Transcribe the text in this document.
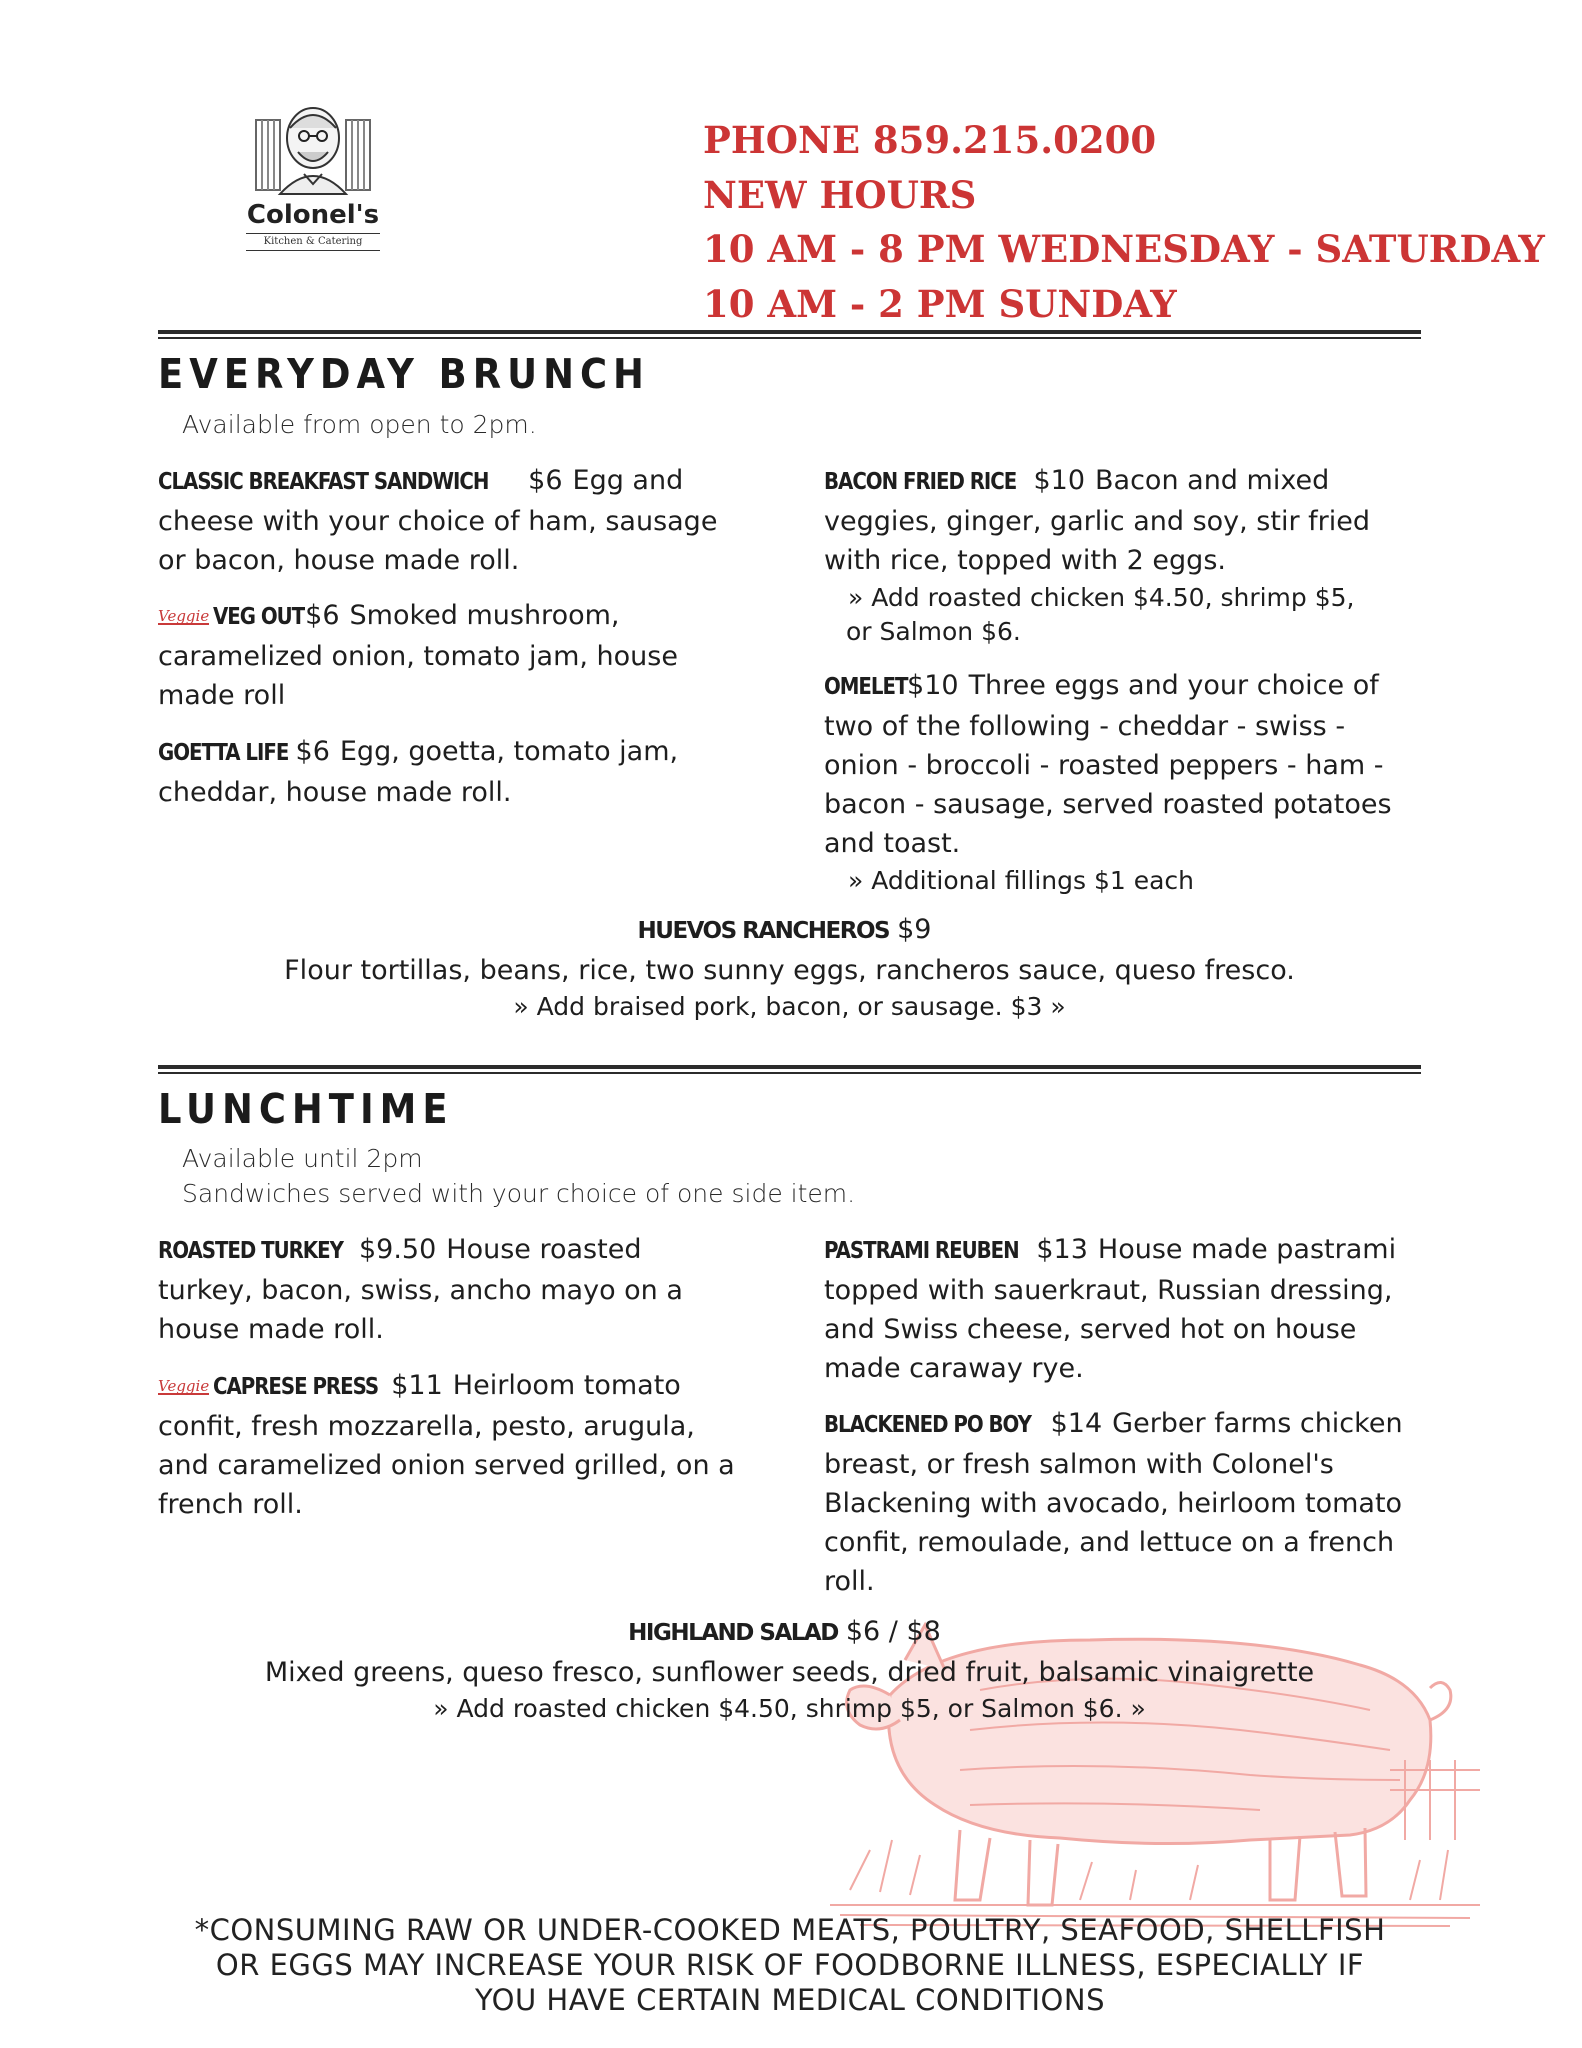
Colonel's
Kitchen & Catering
PHONE 859.215.0200
NEW HOURS
10 AM - 8 PM WEDNESDAY - SATURDAY
10 AM - 2 PM SUNDAY
EVERYDAY BRUNCH
Available from open to 2pm.
CLASSIC BREAKFAST SANDWICH $6 Egg and cheese with your choice of ham, sausage or bacon, house made roll.
Veggie VEG OUT$6 Smoked mushroom, caramelized onion, tomato jam, house made roll
GOETTA LIFE $6 Egg, goetta, tomato jam, cheddar, house made roll.
BACON FRIED RICE $10 Bacon and mixed veggies, ginger, garlic and soy, stir fried with rice, topped with 2 eggs.
» Add roasted chicken $4.50, shrimp $5,
or Salmon $6.
OMELET$10 Three eggs and your choice of two of the following - cheddar - swiss - onion - broccoli - roasted peppers - ham - bacon - sausage, served roasted potatoes and toast.
» Additional fillings $1 each
HUEVOS RANCHEROS $9
Flour tortillas, beans, rice, two sunny eggs, rancheros sauce, queso fresco.
» Add braised pork, bacon, or sausage. $3 »
LUNCHTIME
Available until 2pm
Sandwiches served with your choice of one side item.
ROASTED TURKEY $9.50 House roasted turkey, bacon, swiss, ancho mayo on a house made roll.
Veggie CAPRESE PRESS $11 Heirloom tomato confit, fresh mozzarella, pesto, arugula, and caramelized onion served grilled, on a french roll.
PASTRAMI REUBEN $13 House made pastrami topped with sauerkraut, Russian dressing, and Swiss cheese, served hot on house made caraway rye.
BLACKENED PO BOY $14 Gerber farms chicken breast, or fresh salmon with Colonel's Blackening with avocado, heirloom tomato confit, remoulade, and lettuce on a french roll.
HIGHLAND SALAD $6 / $8
Mixed greens, queso fresco, sunflower seeds, dried fruit, balsamic vinaigrette
» Add roasted chicken $4.50, shrimp $5, or Salmon $6. »
*CONSUMING RAW OR UNDER-COOKED MEATS, POULTRY, SEAFOOD, SHELLFISH
OR EGGS MAY INCREASE YOUR RISK OF FOODBORNE ILLNESS, ESPECIALLY IF
YOU HAVE CERTAIN MEDICAL CONDITIONS
